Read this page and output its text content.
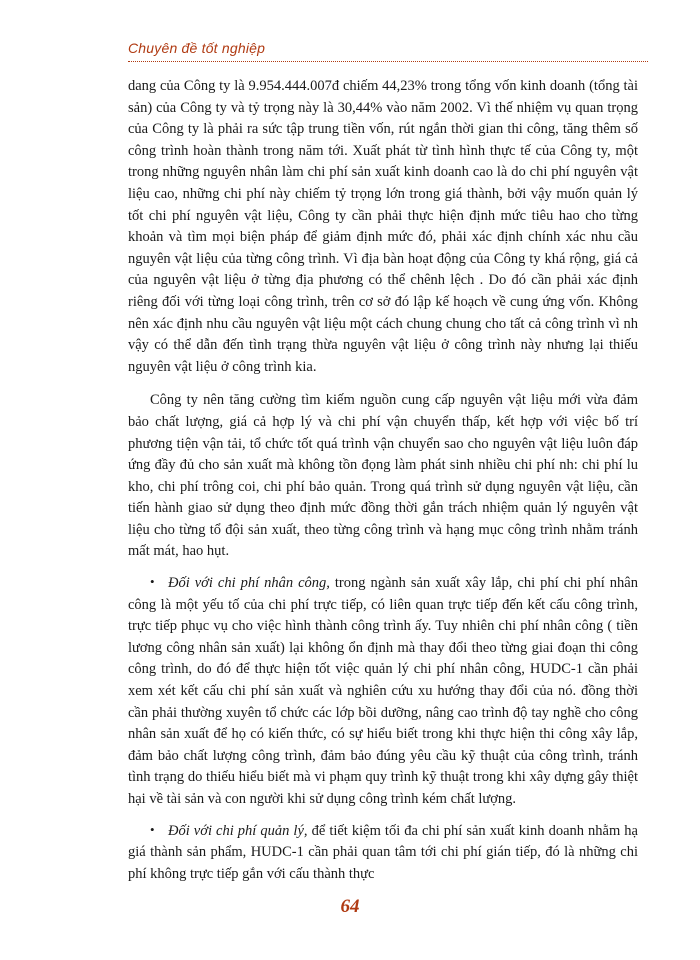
Chuyên đề tốt nghiệp

dang của Công ty là 9.954.444.007đ chiếm 44,23% trong tổng vốn kinh doanh (tổng tài sản) của Công ty và tỷ trọng này là 30,44% vào năm 2002. Vì thế nhiệm vụ quan trọng của Công ty là phải ra sức tập trung tiền vốn, rút ngắn thời gian thi công, tăng thêm số công trình hoàn thành trong năm tới. Xuất phát từ tình hình thực tế của Công ty, một trong những nguyên nhân làm chi phí sản xuất kinh doanh cao là do chi phí nguyên vật liệu cao, những chi phí này chiếm tỷ trọng lớn trong giá thành, bởi vậy muốn quản lý tốt chi phí nguyên vật liệu, Công ty cần phải thực hiện định mức tiêu hao cho từng khoản và tìm mọi biện pháp để giảm định mức đó, phải xác định chính xác nhu cầu nguyên vật liệu của từng công trình. Vì địa bàn hoạt động của Công ty khá rộng, giá cả của nguyên vật liệu ở từng địa phương có thể chênh lệch . Do đó cần phải xác định riêng đối với từng loại công trình, trên cơ sở đó lập kế hoạch về cung ứng vốn. Không nên xác định nhu cầu nguyên vật liệu một cách chung chung cho tất cả công trình vì nh vậy có thể dẫn đến tình trạng thừa nguyên vật liệu ở công trình này nhưng lại thiếu nguyên vật liệu ở công trình kia.

Công ty nên tăng cường tìm kiếm nguồn cung cấp nguyên vật liệu mới vừa đảm bảo chất lượng, giá cả hợp lý và chi phí vận chuyển thấp, kết hợp với việc bố trí phương tiện vận tải, tổ chức tốt quá trình vận chuyển sao cho nguyên vật liệu luôn đáp ứng đầy đủ cho sản xuất mà không tồn đọng làm phát sinh nhiều chi phí nh: chi phí lu kho, chi phí trông coi, chi phí bảo quản. Trong quá trình sử dụng nguyên vật liệu, cần tiến hành giao sử dụng theo định mức đồng thời gắn trách nhiệm quản lý nguyên vật liệu cho từng tổ đội sản xuất, theo từng công trình và hạng mục công trình nhằm tránh mất mát, hao hụt.

• Đối với chi phí nhân công, trong ngành sản xuất xây lắp, chi phí chi phí nhân công là một yếu tố của chi phí trực tiếp, có liên quan trực tiếp đến kết cấu công trình, trực tiếp phục vụ cho việc hình thành công trình ấy. Tuy nhiên chi phí nhân công ( tiền lương công nhân sản xuất) lại không ổn định mà thay đổi theo từng giai đoạn thi công công trình, do đó để thực hiện tốt việc quản lý chi phí nhân công, HUDC-1 cần phải xem xét kết cấu chi phí sản xuất và nghiên cứu xu hướng thay đổi của nó. đồng thời cần phải thường xuyên tổ chức các lớp bồi dưỡng, nâng cao trình độ tay nghề cho công nhân sản xuất để họ có kiến thức, có sự hiểu biết trong khi thực hiện thi công xây lắp, đảm bảo chất lượng công trình, đảm bảo đúng yêu cầu kỹ thuật của công trình, tránh tình trạng do thiếu hiểu biết mà vi phạm quy trình kỹ thuật trong khi xây dựng gây thiệt hại về tài sản và con người khi sử dụng công trình kém chất lượng.

• Đối với chi phí quản lý, để tiết kiệm tối đa chi phí sản xuất kinh doanh nhằm hạ giá thành sản phẩm, HUDC-1 cần phải quan tâm tới chi phí gián tiếp, đó là những chi phí không trực tiếp gắn với cấu thành thực

64
